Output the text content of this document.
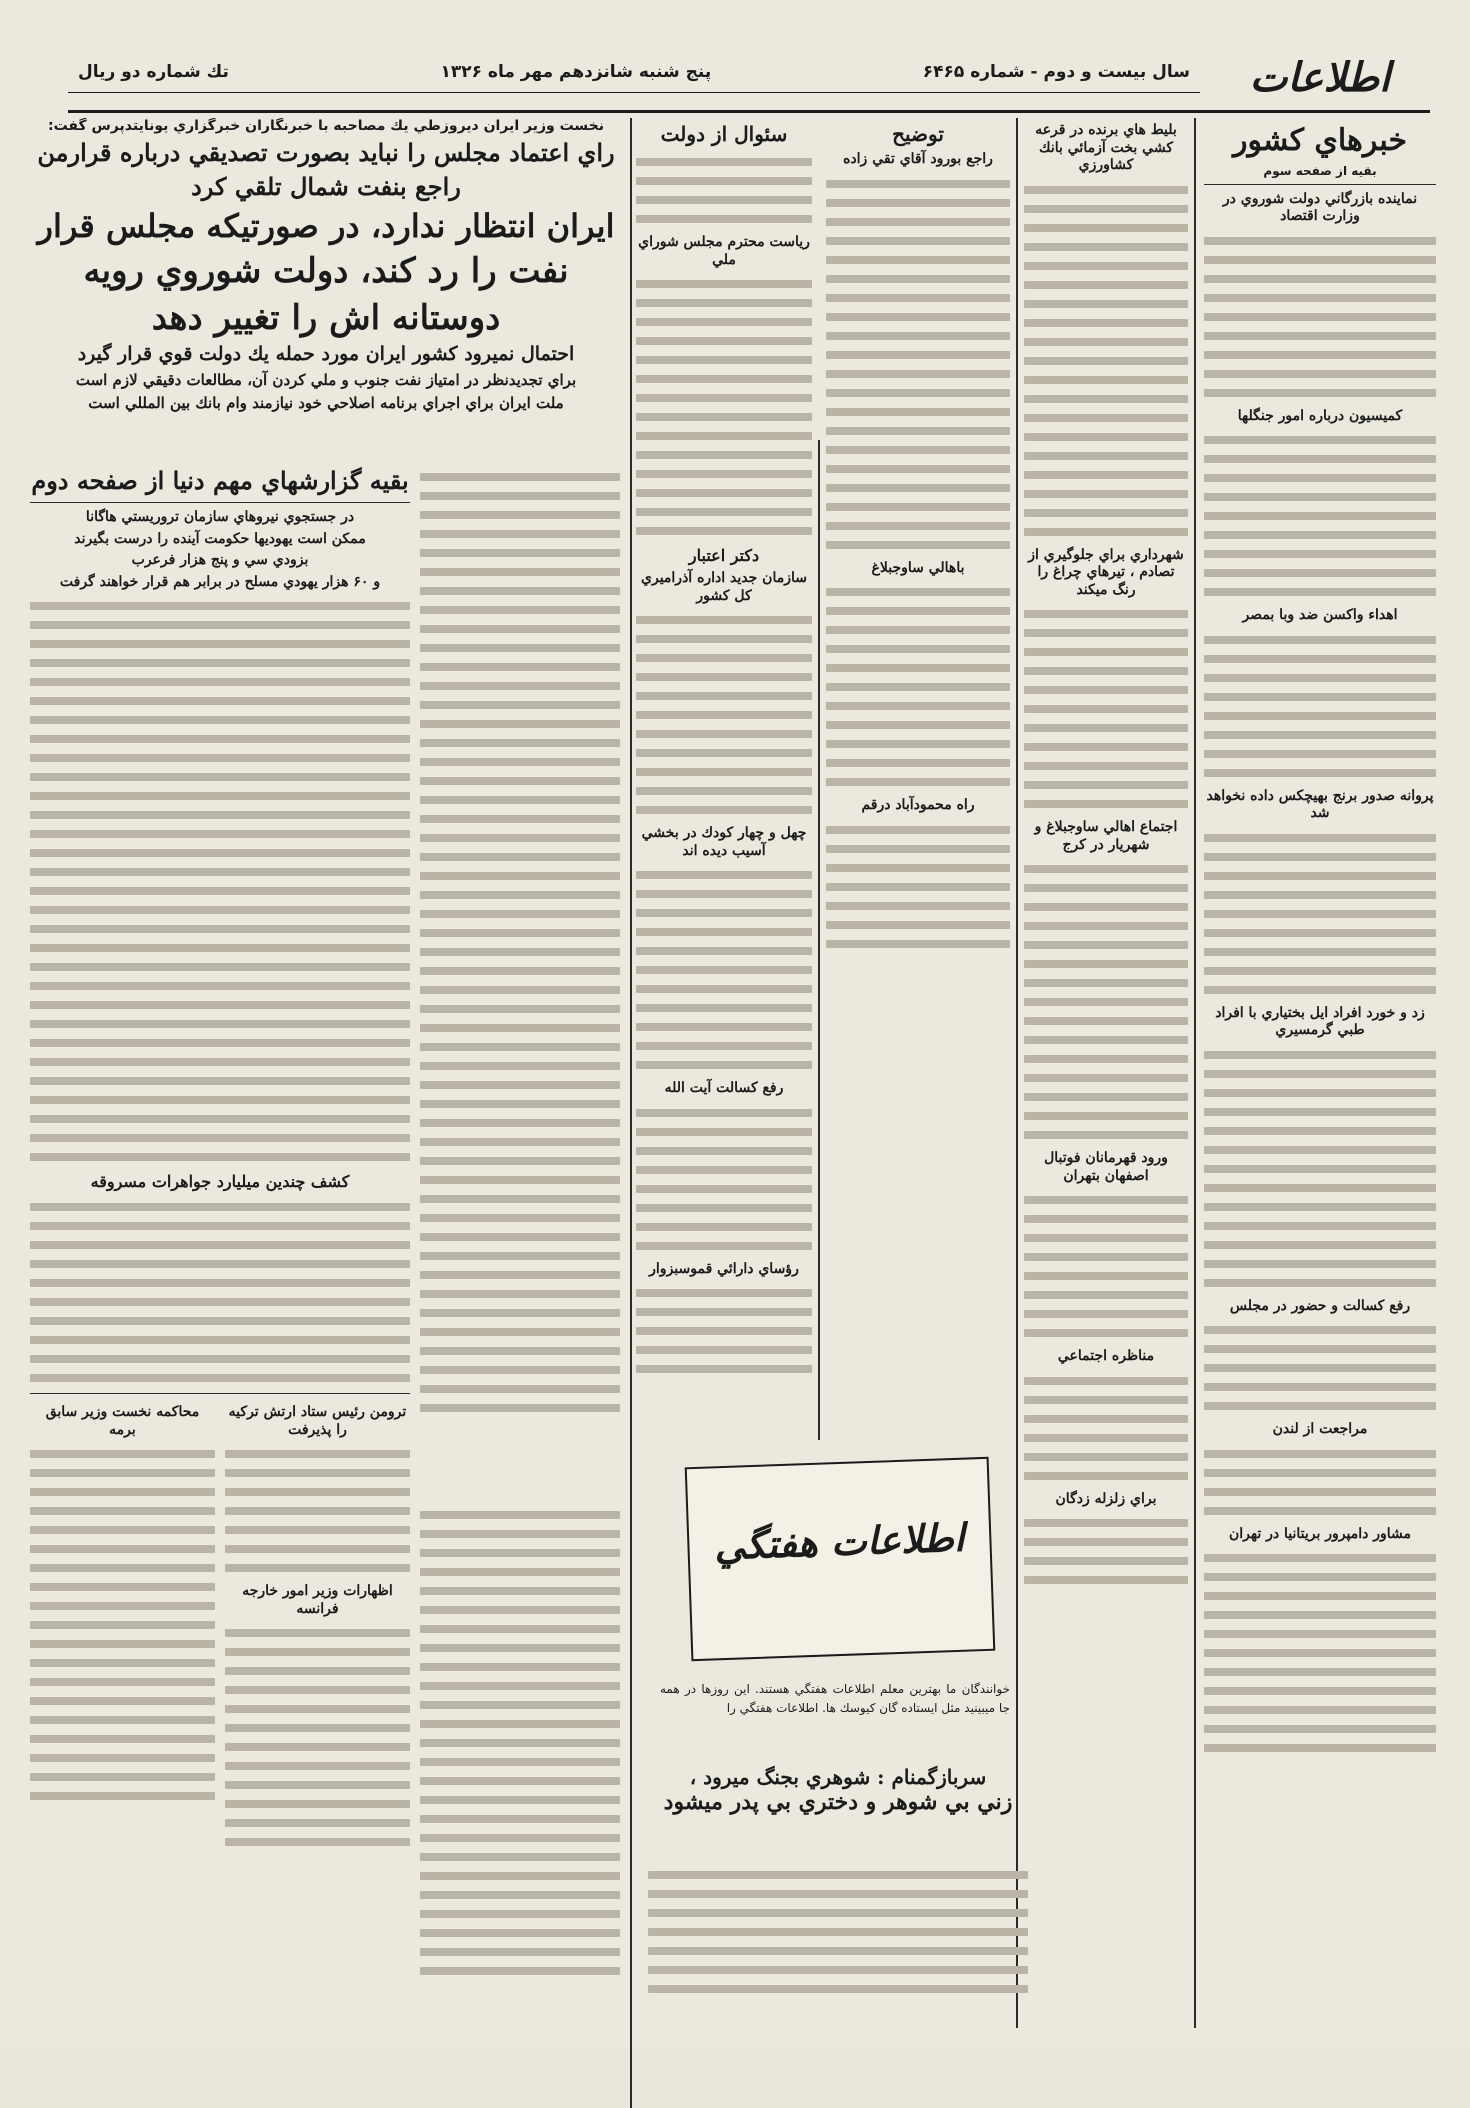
اطلاعات
سال بيست و دوم - شماره ۶۴۶۵
پنج شنبه شانزدهم مهر ماه ۱۳۲۶
تك شماره دو ريال
خبرهاي كشور
بقيه از صفحه سوم
نماينده بازرگاني دولت شوروي در وزارت اقتصاد
كميسيون درباره امور جنگلها
اهداء واكسن ضد وبا بمصر
پروانه صدور برنج بهيچكس داده نخواهد شد
زد و خورد افراد ايل بختياري با افراد طبي گرمسيري
رفع كسالت و حضور در مجلس
مراجعت از لندن
مشاور دامپرور بريتانيا در تهران
بليط هاي برنده در قرعه كشي بخت آزمائي بانك كشاورزي
شهرداري براي جلوگيري از تصادم ، تيرهاي چراغ را رنگ ميكند
اجتماع اهالي ساوجبلاغ و شهريار در كرج
ورود قهرمانان فوتبال اصفهان بتهران
مناظره اجتماعي
براي زلزله زدگان
توضيح
راجع بورود آقاي تقي زاده
باهالي ساوجبلاغ
راه محمودآباد درقم
سئوال از دولت
رياست محترم مجلس شوراي ملي
دكتر اعتبار
سازمان جديد اداره آذراميري كل كشور
چهل و چهار كودك در بخشي آسيب ديده اند
رفع كسالت آيت الله
رؤساي دارائي قموسبزوار
نخست وزير ايران ديروزطي يك مصاحبه با خبرنگاران خبرگزاري يونايتدپرس گفت:
راي اعتماد مجلس را نبايد بصورت تصديقي درباره قرارمن
راجع بنفت شمال تلقي كرد
ايران انتظار ندارد، در صورتيكه مجلس قرار
نفت را رد كند، دولت شوروي رويه
دوستانه اش را تغيير دهد
احتمال نميرود كشور ايران مورد حمله يك دولت قوي قرار گيرد
براي تجديدنظر در امتياز نفت جنوب و ملي كردن آن، مطالعات دقيقي لازم است
ملت ايران براي اجراي برنامه اصلاحي خود نيازمند وام بانك بين المللي است
بقيه گزارشهاي مهم دنيا از صفحه دوم
در جستجوي نيروهاي سازمان تروريستي هاگانا
ممكن است يهوديها حكومت آينده را درست بگيرند
بزودي سي و پنج هزار فرعرب
و ۶۰ هزار يهودي مسلح در برابر هم قرار خواهند گرفت
كشف چندين ميليارد جواهرات مسروقه
ترومن رئيس ستاد ارتش تركيه را پذيرفت
اظهارات وزير امور خارجه فرانسه
محاكمه نخست وزير سابق برمه
اطلاعات هفتگي
خوانندگان ما بهترين معلم اطلاعات هفتگي هستند. اين روزها در همه جا ميبينيد مثل ايستاده گان كيوسك ها. اطلاعات هفتگي را
سربازگمنام : شوهري بجنگ ميرود ،
زني بي شوهر و دختري بي پدر ميشود
